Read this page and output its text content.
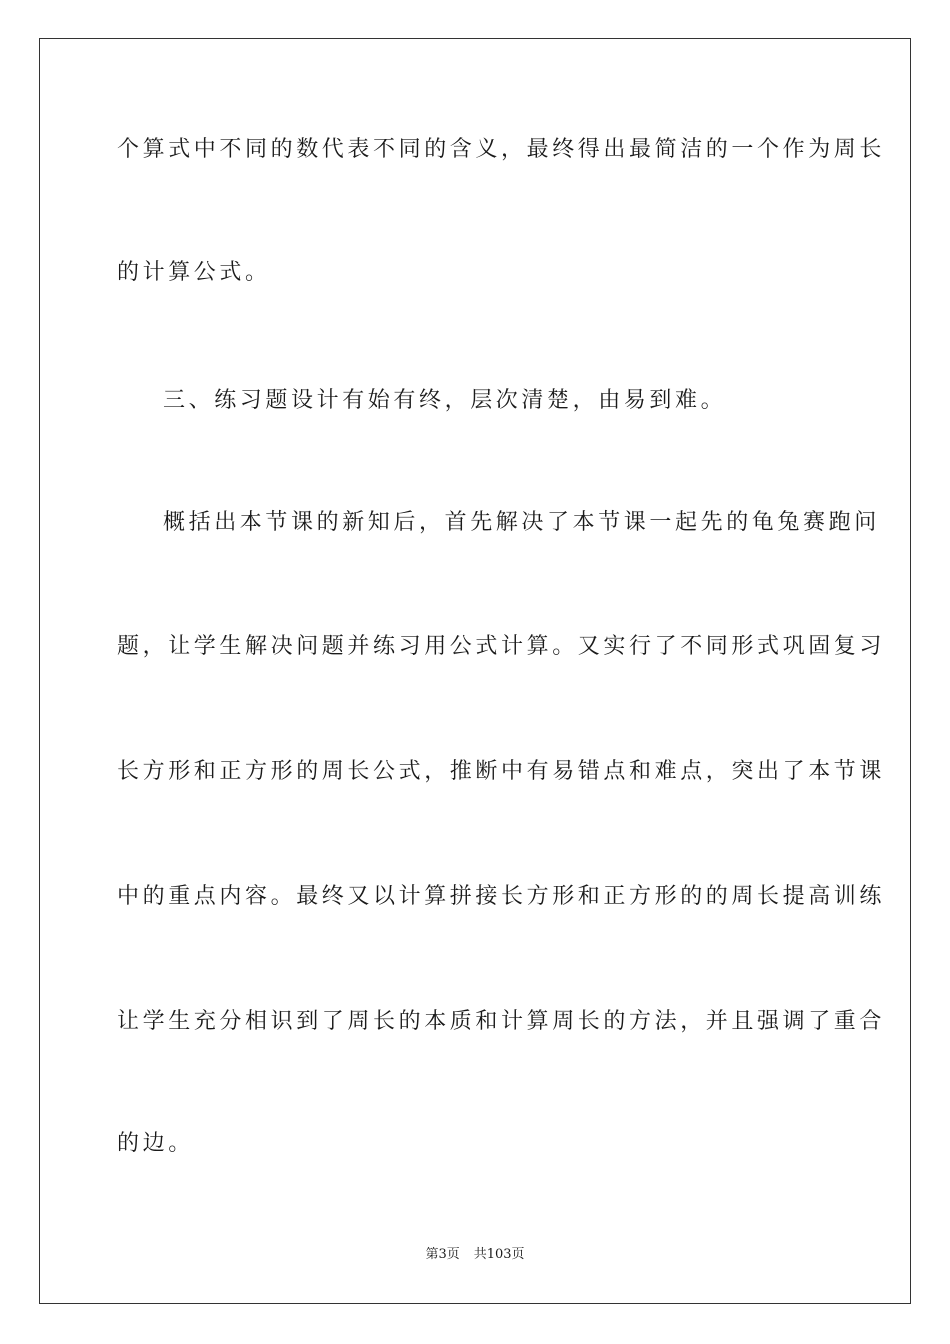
个算式中不同的数代表不同的含义，最终得出最简洁的一个作为周长
的计算公式。
三、练习题设计有始有终，层次清楚，由易到难。
概括出本节课的新知后，首先解决了本节课一起先的龟兔赛跑问
题，让学生解决问题并练习用公式计算。又实行了不同形式巩固复习
长方形和正方形的周长公式，推断中有易错点和难点，突出了本节课
中的重点内容。最终又以计算拼接长方形和正方形的的周长提高训练
让学生充分相识到了周长的本质和计算周长的方法，并且强调了重合
的边。
第3页 共103页
